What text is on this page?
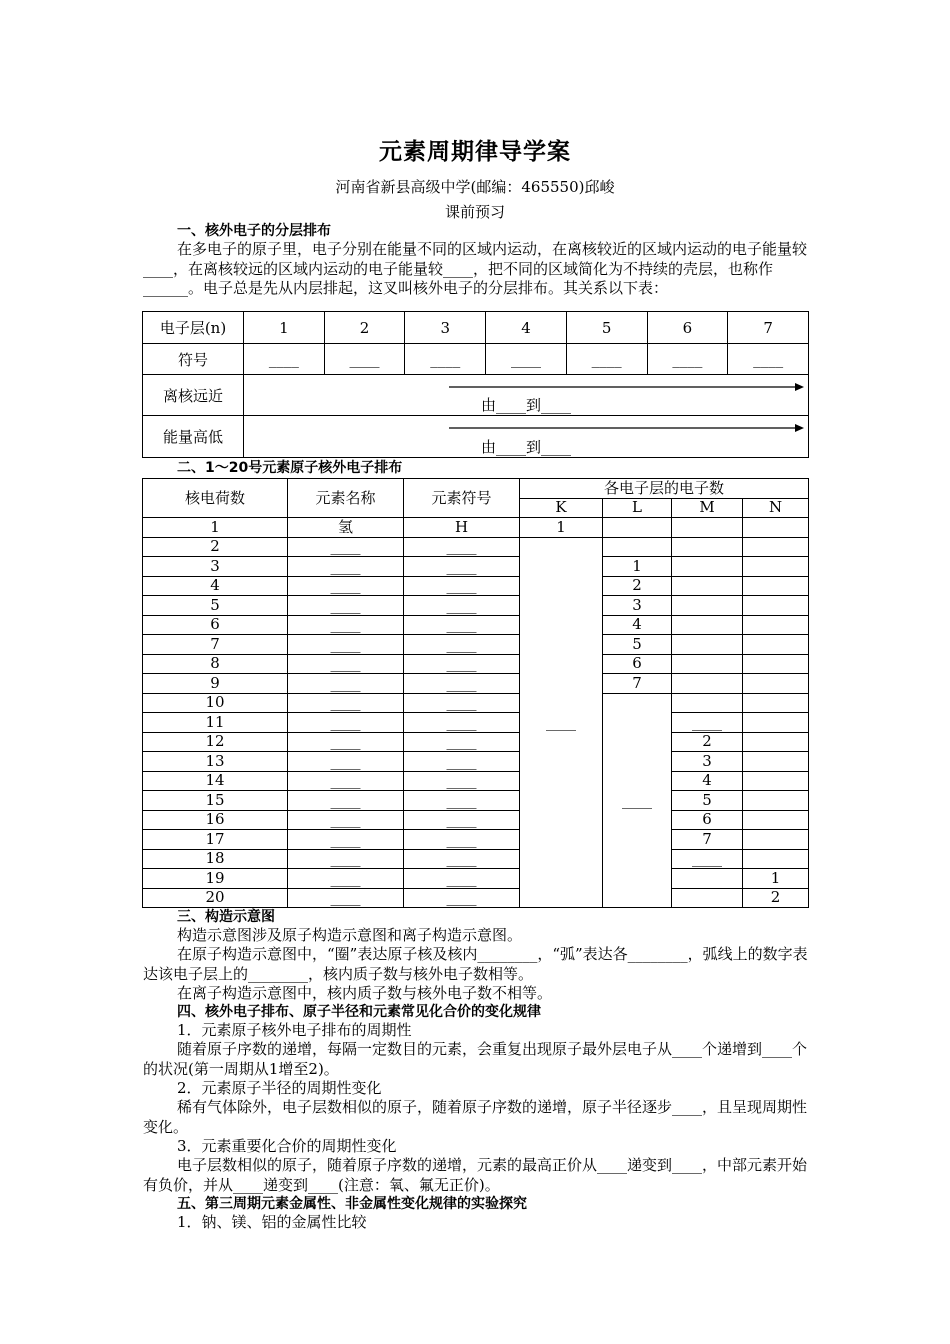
元素周期律导学案
河南省新县高级中学(邮编：465550)邱峻
课前预习
一、核外电子的分层排布
在多电子的原子里，电子分别在能量不同的区域内运动，在离核较近的区域内运动的电子能量较____，在离核较远的区域内运动的电子能量较____，把不同的区域简化为不持续的壳层，也称作______。电子总是先从内层排起，这叉叫核外电子的分层排布。其关系以下表：
电子层(n)	1	2	3	4	5	6	7
符号	____	____	____	____	____	____	____
离核远近	由____到____						

能量高低	由____到____						
二、1～20号元素原子核外电子排布
核电荷数	元素名称	元素符号	各电子层的电子数			
			K	L	M	N
1	氢	H	1			
2	____	____	____			
3	____	____		1		
4	____	____		2		
5	____	____		3		
6	____	____		4		
7	____	____		5		
8	____	____		6		
9	____	____		7		
10	____	____		____		
11	____	____			____	
12	____	____			2	
13	____	____			3	
14	____	____			4	
15	____	____			5	
16	____	____			6	
17	____	____			7	
18	____	____			____	
19	____	____				1
20	____	____				2
三、构造示意图
构造示意图涉及原子构造示意图和离子构造示意图。
在原子构造示意图中，“圈”表达原子核及核内________，“弧”表达各________，弧线上的数字表达该电子层上的________，核内质子数与核外电子数相等。
在离子构造示意图中，核内质子数与核外电子数不相等。
四、核外电子排布、原子半径和元素常见化合价的变化规律
1．元素原子核外电子排布的周期性
随着原子序数的递增，每隔一定数目的元素，会重复出现原子最外层电子从____个递增到____个的状况(第一周期从1增至2)。
2．元素原子半径的周期性变化
稀有气体除外，电子层数相似的原子，随着原子序数的递增，原子半径逐步____，且呈现周期性变化。
3．元素重要化合价的周期性变化
电子层数相似的原子，随着原子序数的递增，元素的最高正价从____递变到____，中部元素开始有负价，并从____递变到____(注意：氧、氟无正价)。
五、第三周期元素金属性、非金属性变化规律的实验探究
1．钠、镁、铝的金属性比较
